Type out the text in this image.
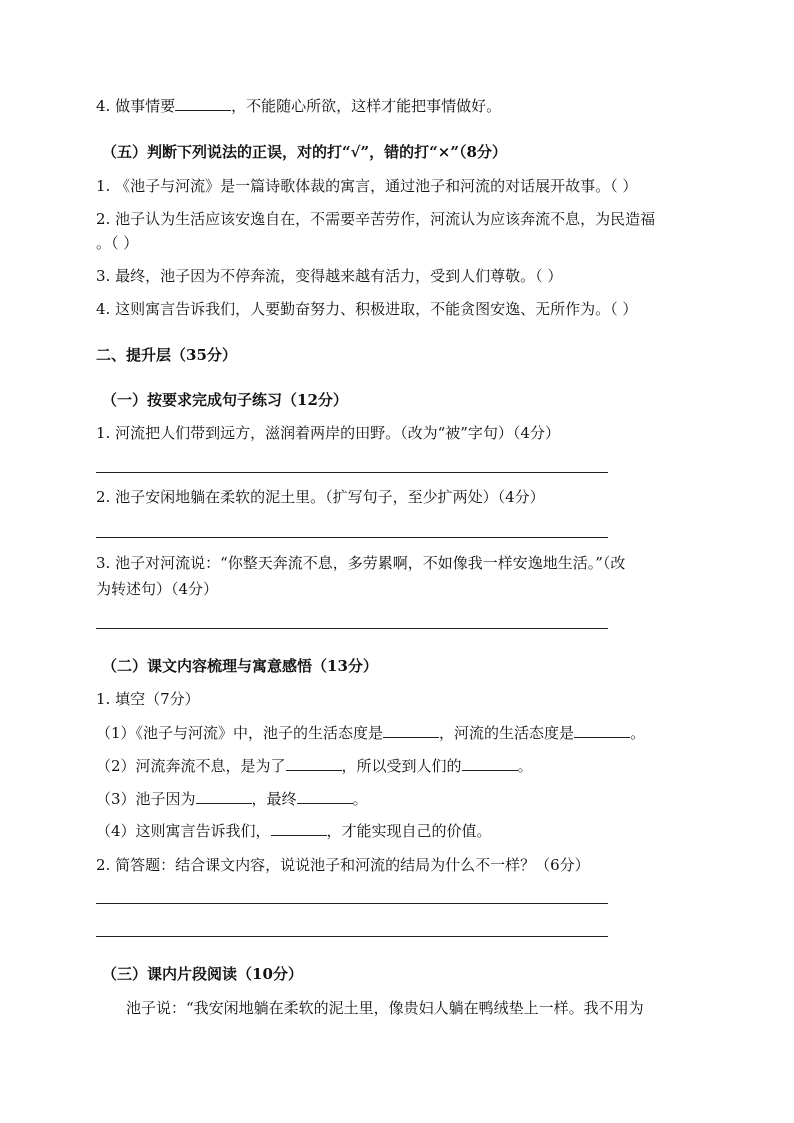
4. 做事情要	，不能随心所欲，这样才能把事情做好。
（五）判断下列说法的正误，对的打“√”，错的打“×”（8分）
1. 《池子与河流》是一篇诗歌体裁的寓言，通过池子和河流的对话展开故事。（ ）
2. 池子认为生活应该安逸自在，不需要辛苦劳作，河流认为应该奔流不息，为民造福
。（ ）
3. 最终，池子因为不停奔流，变得越来越有活力，受到人们尊敬。（ ）
4. 这则寓言告诉我们，人要勤奋努力、积极进取，不能贪图安逸、无所作为。（ ）
二、提升层（35分）
（一）按要求完成句子练习（12分）
1. 河流把人们带到远方，滋润着两岸的田野。（改为“被”字句）（4分）
2. 池子安闲地躺在柔软的泥土里。（扩写句子，至少扩两处）（4分）
3. 池子对河流说：“你整天奔流不息，多劳累啊，不如像我一样安逸地生活。”（改
为转述句）（4分）
（二）课文内容梳理与寓意感悟（13分）
1. 填空（7分）
（1）《池子与河流》中，池子的生活态度是	，河流的生活态度是	。
（2）河流奔流不息，是为了	，所以受到人们的	。
（3）池子因为	，最终	。
（4）这则寓言告诉我们，	，才能实现自己的价值。
2. 简答题：结合课文内容，说说池子和河流的结局为什么不一样？（6分）
（三）课内片段阅读（10分）
池子说：“我安闲地躺在柔软的泥土里，像贵妇人躺在鸭绒垫上一样。我不用为
